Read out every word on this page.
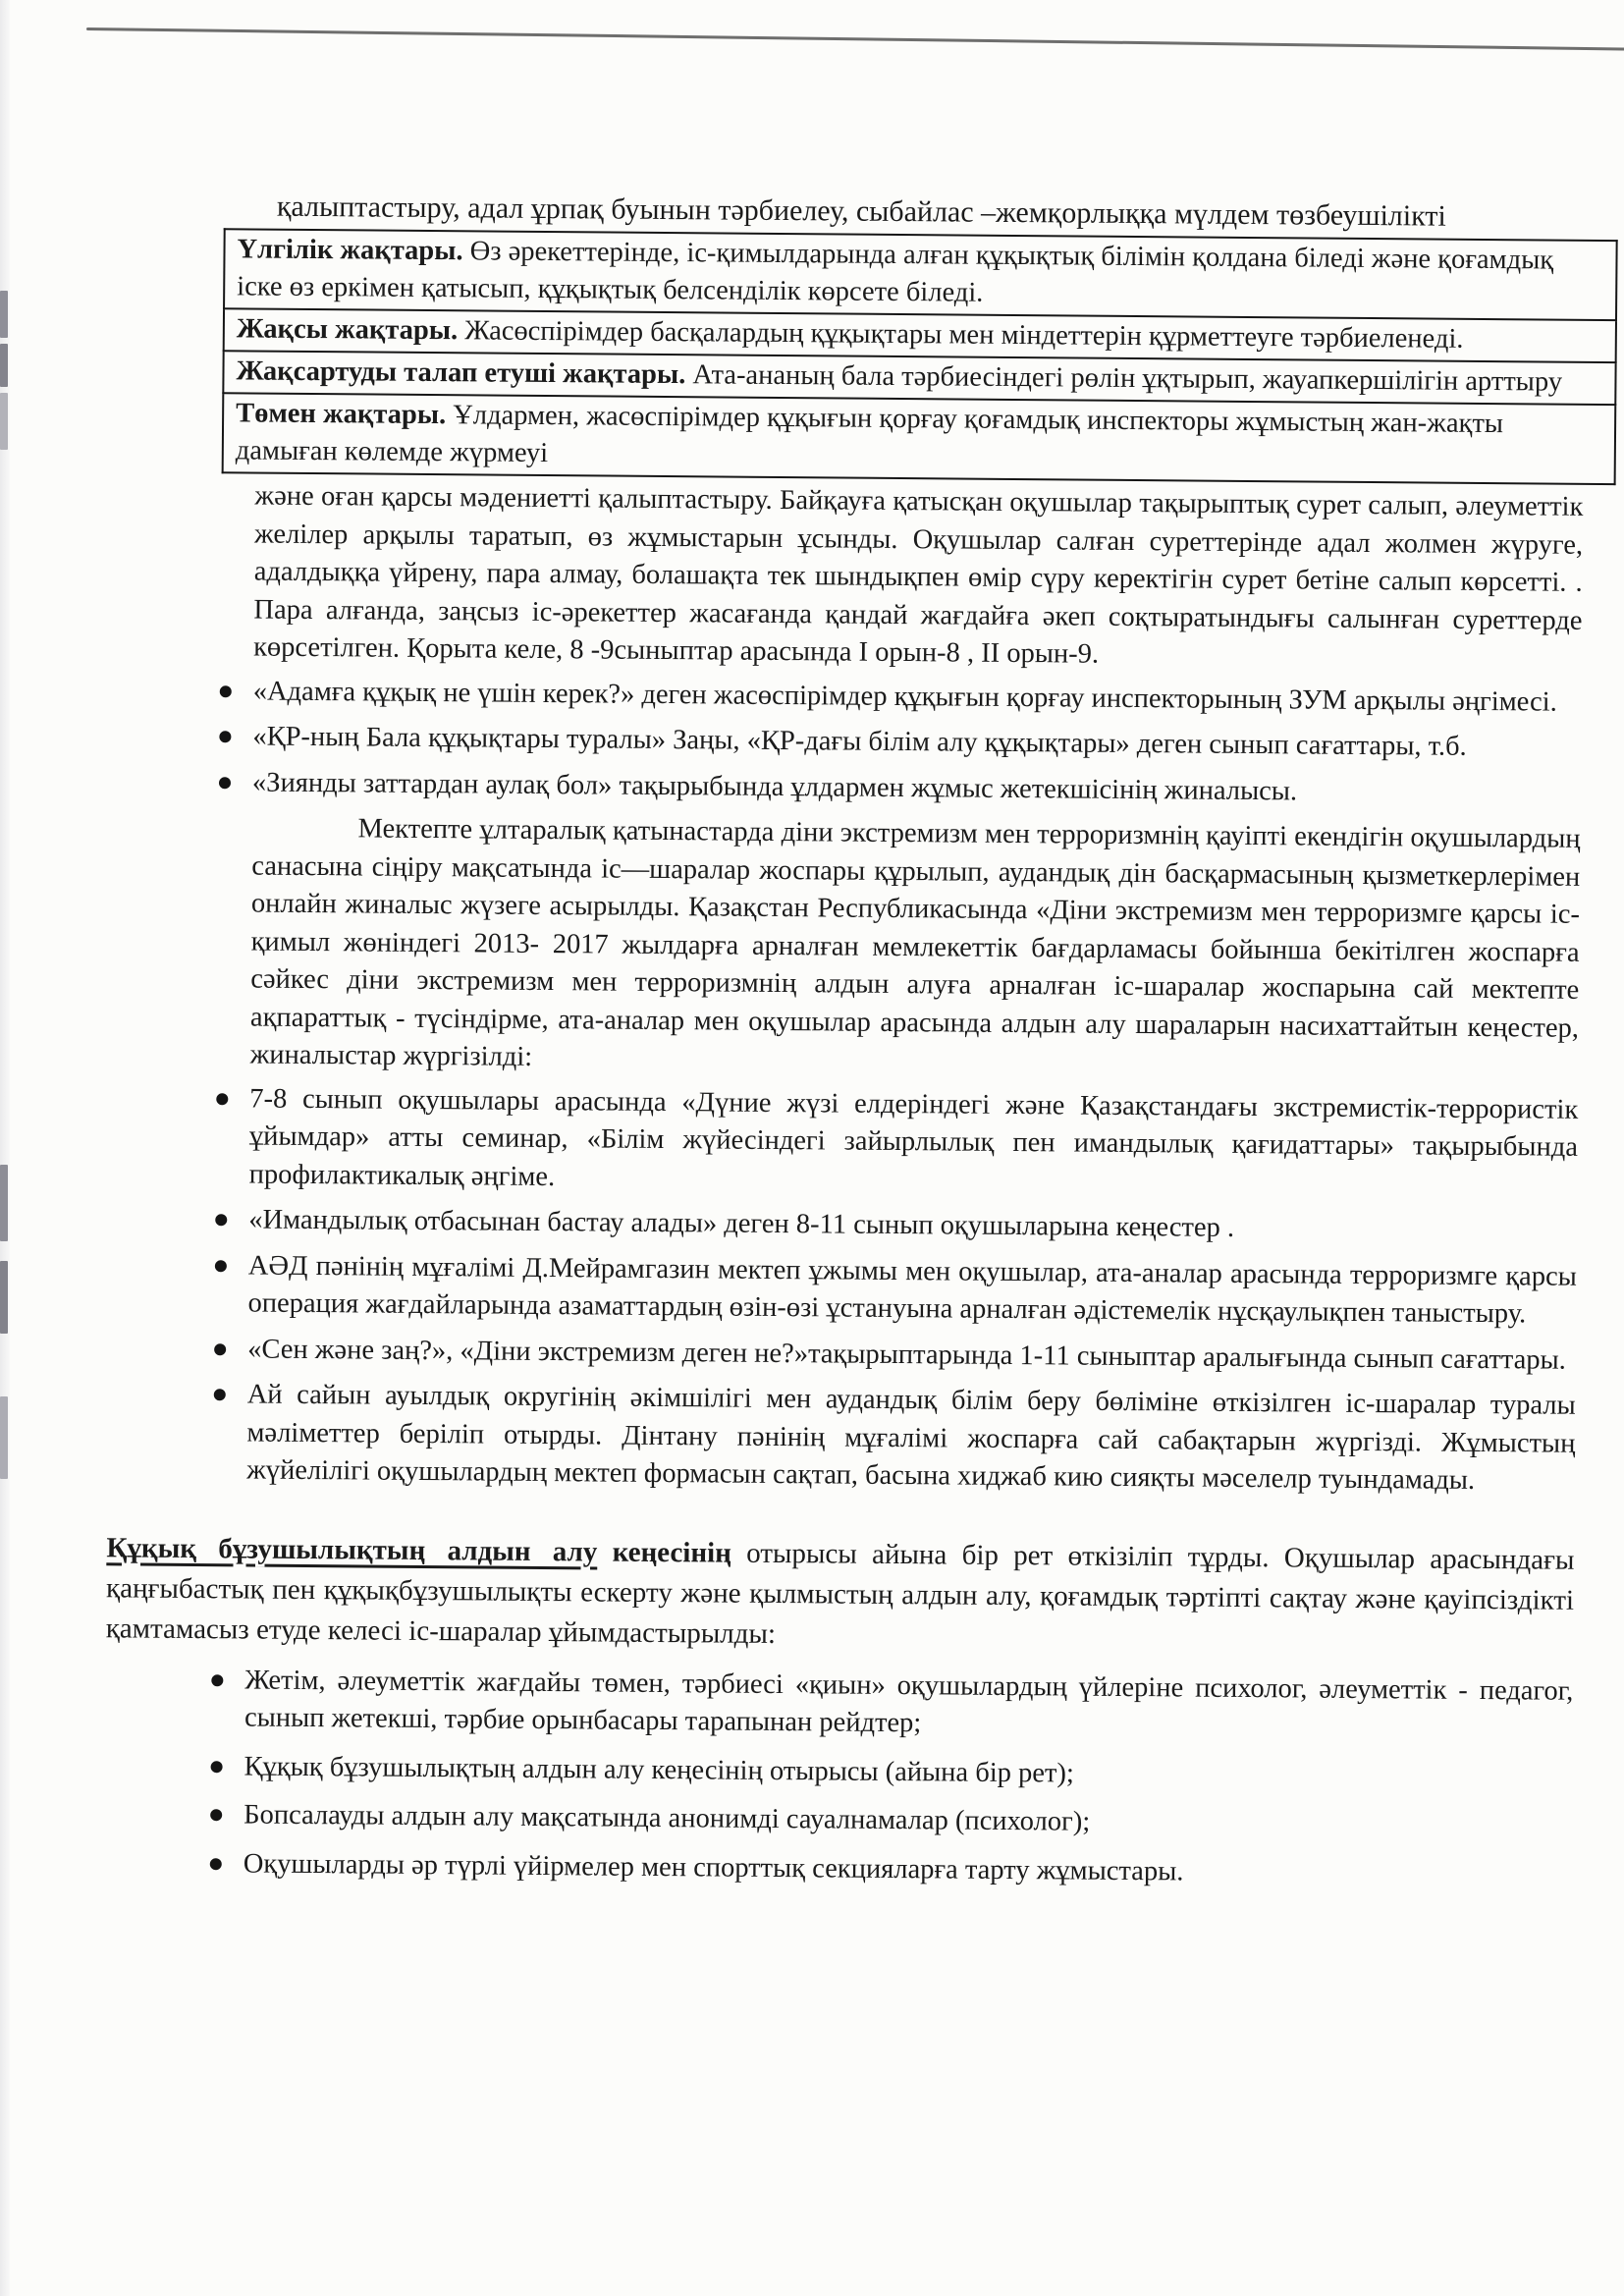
қалыптастыру, адал ұрпақ буынын тәрбиелеу, сыбайлас –жемқорлыққа мүлдем төзбеушілікті

Үлгілік жақтары. Өз әрекеттерінде, іс-қимылдарында алған құқықтық білімін қолдана біледі және қоғамдық іске өз еркімен қатысып, құқықтық белсенділік көрсете біледі.
Жақсы жақтары. Жасөспірімдер басқалардың құқықтары мен міндеттерін құрметтеуге тәрбиеленеді.
Жақсартуды талап етуші жақтары. Ата-ананың бала тәрбиесіндегі рөлін ұқтырып, жауапкершілігін арттыру
Төмен жақтары. Ұлдармен, жасөспірімдер құқығын қорғау қоғамдық инспекторы жұмыстың жан-жақты дамыған көлемде жүрмеуі

және оған қарсы мәдениетті қалыптастыру. Байқауға қатысқан оқушылар тақырыптық сурет салып, әлеуметтік желілер арқылы таратып, өз жұмыстарын ұсынды. Оқушылар салған суреттерінде адал жолмен жүруге, адалдыққа үйрену, пара алмау, болашақта тек шындықпен өмір сүру керектігін сурет бетіне салып көрсетті. . Пара алғанда, заңсыз іс-әрекеттер жасағанда қандай жағдайға әкеп соқтыратындығы салынған суреттерде көрсетілген. Қорыта келе, 8 -9сыныптар арасында I орын-8 , II орын-9.

«Адамға құқық не үшін керек?» деген жасөспірімдер құқығын қорғау инспекторының ЗУМ арқылы әңгімесі.
«ҚР-ның Бала құқықтары туралы» Заңы, «ҚР-дағы білім алу құқықтары» деген сынып сағаттары, т.б.
«Зиянды заттардан аулақ бол» тақырыбында ұлдармен жұмыс жетекшісінің жиналысы.

Мектепте ұлтаралық қатынастарда діни экстремизм мен терроризмнің қауіпті екендігін оқушылардың санасына сіңіру мақсатында іс—шаралар жоспары құрылып, аудандық дін басқармасының қызметкерлерімен онлайн жиналыс жүзеге асырылды. Қазақстан Республикасында «Діни экстремизм мен терроризмге қарсы іс-қимыл жөніндегі 2013- 2017 жылдарға арналған мемлекеттік бағдарламасы бойынша бекітілген жоспарға сәйкес діни экстремизм мен терроризмнің алдын алуға арналған іс-шаралар жоспарына сай мектепте ақпараттық - түсіндірме, ата-аналар мен оқушылар арасында алдын алу шараларын насихаттайтын кеңестер, жиналыстар жүргізілді:

7-8 сынып оқушылары арасында «Дүние жүзі елдеріндегі және Қазақстандағы зкстремистік-террористік ұйымдар» атты семинар, «Білім жүйесіндегі зайырлылық пен имандылық қағидаттары» тақырыбында профилактикалық әңгіме.
«Имандылық отбасынан бастау алады» деген 8-11 сынып оқушыларына кеңестер .
АӘД пәнінің мұғалімі Д.Мейрамгазин мектеп ұжымы мен оқушылар, ата-аналар арасында терроризмге қарсы операция жағдайларында азаматтардың өзін-өзі ұстануына арналған әдістемелік нұсқаулықпен таныстыру.
«Сен және заң?», «Діни экстремизм деген не?»тақырыптарында 1-11 сыныптар аралығында сынып сағаттары.
Ай сайын ауылдық округінің әкімшілігі мен аудандық білім беру бөліміне өткізілген іс-шаралар туралы мәліметтер беріліп отырды. Дінтану пәнінің мұғалімі жоспарға сай сабақтарын жүргізді. Жұмыстың жүйелілігі оқушылардың мектеп формасын сақтап, басына хиджаб кию сияқты мәселелр туындамады.

Құқық бұзушылықтың алдын алу кеңесінің отырысы айына бір рет өткізіліп тұрды. Оқушылар арасындағы қаңғыбастық пен құқықбұзушылықты ескерту және қылмыстың алдын алу, қоғамдық тәртіпті сақтау және қауіпсіздікті қамтамасыз етуде келесі іс-шаралар ұйымдастырылды:

Жетім, әлеуметтік жағдайы төмен, тәрбиесі «қиын» оқушылардың үйлеріне психолог, әлеуметтік - педагог, сынып жетекші, тәрбие орынбасары тарапынан рейдтер;
Құқық бұзушылықтың алдын алу кеңесінің отырысы (айына бір рет);
Бопсалауды алдын алу мақсатында анонимді сауалнамалар (психолог);
Оқушыларды әр түрлі үйірмелер мен спорттық секцияларға тарту жұмыстары.
